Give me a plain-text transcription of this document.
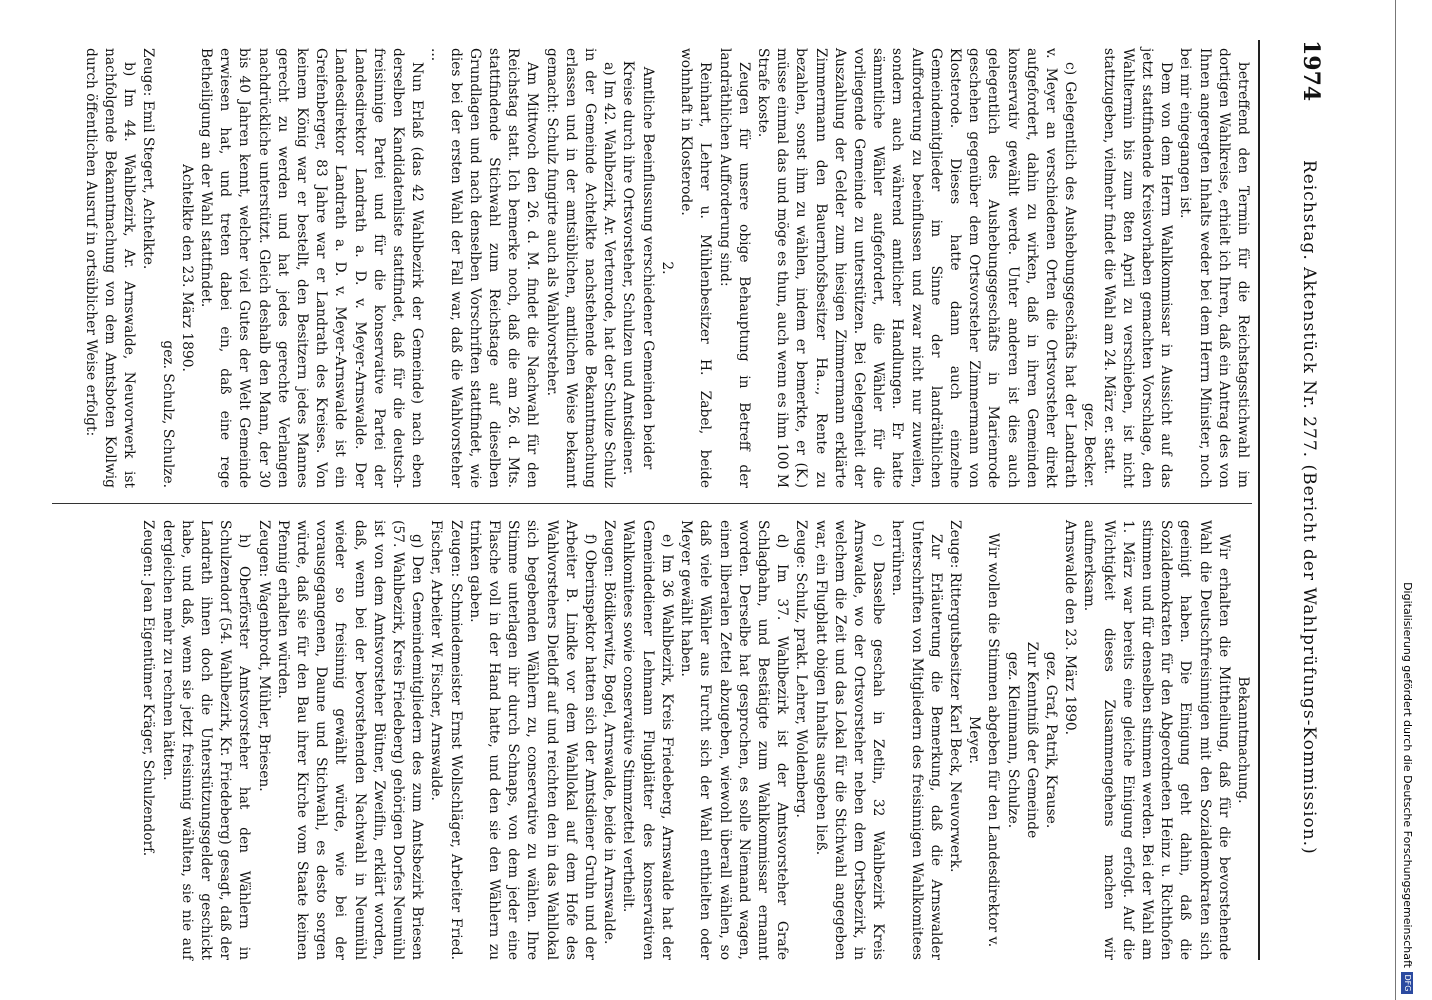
1974
Reichstag. Aktenstück Nr. 277. (Bericht der Wahlprüfungs-Kommission.)

betreffend den Termin für die Reichstagsstichwahl im dortigen Wahlkreise, erhielt ich Ihren, daß ein Antrag des von Ihnen angeregten Inhalts weder bei dem Herrn Minister, noch bei mir eingegangen ist.

Dem von dem Herrn Wahlkommissar in Aussicht auf das jetzt stattfindende Kreisvorhaben gemachten Vorschlage, den Wahltermin bis zum 8ten April zu verschieben, ist nicht stattzugeben, vielmehr findet die Wahl am 24. März er. statt.

gez. Becker.

c) Gelegentlich des Aushebungsgeschäfts hat der Landrath v. Meyer an verschiedenen Orten die Ortsvorsteher direkt aufgefordert, dahin zu wirken, daß in ihren Gemeinden konservativ gewählt werde. Unter anderen ist dies auch gelegentlich des Aushebungsgeschäfts in Marienrode geschehen gegenüber dem Ortsvorsteher Zimmermann von Klosterode. Dieses hatte dann auch einzelne Gemeindemitglieder im Sinne der landräthlichen Aufforderung zu beeinflussen und zwar nicht nur zuweilen, sondern auch während amtlicher Handlungen. Er hatte sämmtliche Wähler aufgefordert, die Wähler für die vorliegende Gemeinde zu unterstützen. Bei Gelegenheit der Auszahlung der Gelder zum hiesigen Zimmermann erklärte Zimmermann den Bauernhofsbesitzer Ha..., Rente zu bezahlen, sonst ihm zu wählen, indem er bemerkte, er (K.) müsse einmal das und möge es thun, auch wenn es ihm 100 M Strafe koste.

Zeugen für unsere obige Behauptung in Betreff der landräthlichen Aufforderung sind:

Reinhart, Lehrer u. Mühlenbesitzer H. Zabel, beide wohnhaft in Klosterode.

2.

Amtliche Beeinflussung verschiedener Gemeinden beider Kreise durch ihre Ortsvorsteher, Schulzen und Amtsdiener.

a) Im 42. Wahlbezirk, Ar. Vertenrode, hat der Schulze Schulz in der Gemeinde Achtelkte nachstehende Bekanntmachung erlassen und in der amtsüblichen, amtlichen Weise bekannt gemacht: Schulz fungirte auch als Wahlvorsteher.

Am Mittwoch den 26. d. M. findet die Nachwahl für den Reichstag statt. Ich bemerke noch, daß die am 26. d. Mts. stattfindende Stichwahl zum Reichstage auf dieselben Grundlagen und nach denselben Vorschriften stattfindet, wie dies bei der ersten Wahl der Fall war, daß die Wahlvorsteher ...

Nun Erlaß (das 42 Wahlbezirk der Gemeinde) nach eben derselben Kandidatenliste stattfindet, daß für die deutsch-freisinnige Partei und für die konservative Partei der Landesdirektor Landrath a. D. v. Meyer-Arnswalde. Der Landesdirektor Landrath a. D. v. Meyer-Arnswalde ist ein Greifenberger, 83 Jahre war er Landrath des Kreises. Von keinem König war er bestellt, den Besitzern jedes Mannes gerecht zu werden und hat jedes gerechte Verlangen nachdrückliche unterstützt. Gleich deshalb den Mann, der 30 bis 40 Jahren kennt, welcher viel Gutes der Welt Gemeinde erwiesen hat, und treten dabei ein, daß eine rege Betheiligung an der Wahl stattfindet.

Achtelkte den 23. März 1890.

gez. Schulz, Schulze.

Zeuge: Emil Stegert, Achtelkte.

b) Im 44. Wahlbezirk, Ar. Arnswalde, Neuvorwerk ist nachfolgende Bekanntmachung von dem Amtsboten Kollwig durch öffentlichen Ausruf in ortsüblicher Weise erfolgt:

Bekanntmachung.

Wir erhalten die Mittheilung, daß für die bevorstehende Wahl die Deutschfreisinnigen mit den Sozialdemokraten sich geeinigt haben. Die Einigung geht dahin, daß die Sozialdemokraten für den Abgeordneten Heinz u. Richthofen stimmen und für denselben stimmen werden. Bei der Wahl am 1. März war bereits eine gleiche Einigung erfolgt. Auf die Wichtigkeit dieses Zusammengehens machen wir aufmerksam.

Arnswalde den 23. März 1890.

gez. Graf, Patrik, Krause.

Zur Kenntniß der Gemeinde

gez. Kleinmann, Schulze.

Wir wollen die Stimmen abgeben für den Landesdirektor v. Meyer.

Zeuge: Rittergutsbesitzer Karl Beck, Neuvorwerk.

Zur Erläuterung die Bemerkung, daß die Arnswalder Unterschriften von Mitgliedern des freisinnigen Wahlkomitees herrühren.

c) Dasselbe geschah in Zetlin, 32 Wahlbezirk Kreis Arnswalde, wo der Ortsvorsteher neben dem Ortsbezirk, in welchem die Zeit und das Lokal für die Stichwahl angegeben war, ein Flugblatt obigen Inhalts ausgeben ließ.

Zeuge: Schulz, prakt. Lehrer, Woldenberg.

d) Im 37. Wahlbezirk ist der Amtsvorsteher Grafe Schlagbahn, und Bestätigte zum Wahlkommissar ernannt worden. Derselbe hat gesprochen, es solle Niemand wagen, einen liberalen Zettel abzugeben, wiewohl überall wählen, so daß viele Wähler aus Furcht sich der Wahl enthielten oder Meyer gewählt haben.

e) Im 36 Wahlbezirk, Kreis Friedeberg, Arnswalde hat der Gemeindediener Lehmann Flugblätter des konservativen Wahlkomitees sowie conservative Stimmzettel vertheilt.

Zeugen: Bödikerwitz, Bogel, Arnswalde, beide in Arnswalde.

f) Oberinspektor hatten sich der Amtsdiener Gruhn und der Arbeiter B. Lindke vor dem Wahllokal auf dem Hofe des Wahlvorstehers Dietloff auf und reichten den in das Wahllokal sich begebenden Wählern zu, conservative zu wählen. Ihre Stimme unterlagen ihr durch Schnaps, von dem jeder eine Flasche voll in der Hand hatte, und den sie den Wählern zu trinken gaben.

Zeugen: Schmiedemeister Ernst Wollschläger, Arbeiter Fried. Fischer, Arbeiter W. Fischer, Arnswalde.

g) Den Gemeindemitgliedern des zum Amtsbezirk Briesen (57. Wahlbezirk, Kreis Friedeberg) gehörigen Dorfes Neumühl ist von dem Amtsvorsteher Bütner, Zweiflin, erklärt worden, daß, wenn bei der bevorstehenden Nachwahl in Neumühl wieder so freisinnig gewählt würde, wie bei der vorausgegangenen, Daune und Stichwahl, es desto sorgen würde, daß sie für den Bau ihrer Kirche vom Staate keinen Pfennig erhalten würden.

Zeugen: Wagenbrodt, Mühler, Briesen.

h) Oberförster Amtsvorsteher hat den Wählern in Schulzendorf (54. Wahlbezirk, Kr. Friedeberg) gesagt, daß der Landrath ihnen doch die Unterstützungsgelder geschickt habe, und daß, wenn sie jetzt freisinnig wählten, sie nie auf dergleichen mehr zu rechnen hätten.

Zeugen: Jean Eigentümer Kräger, Schulzendorf.	Digitalisierung gefördert durch die Deutsche Forschungsgemeinschaft
DFG
